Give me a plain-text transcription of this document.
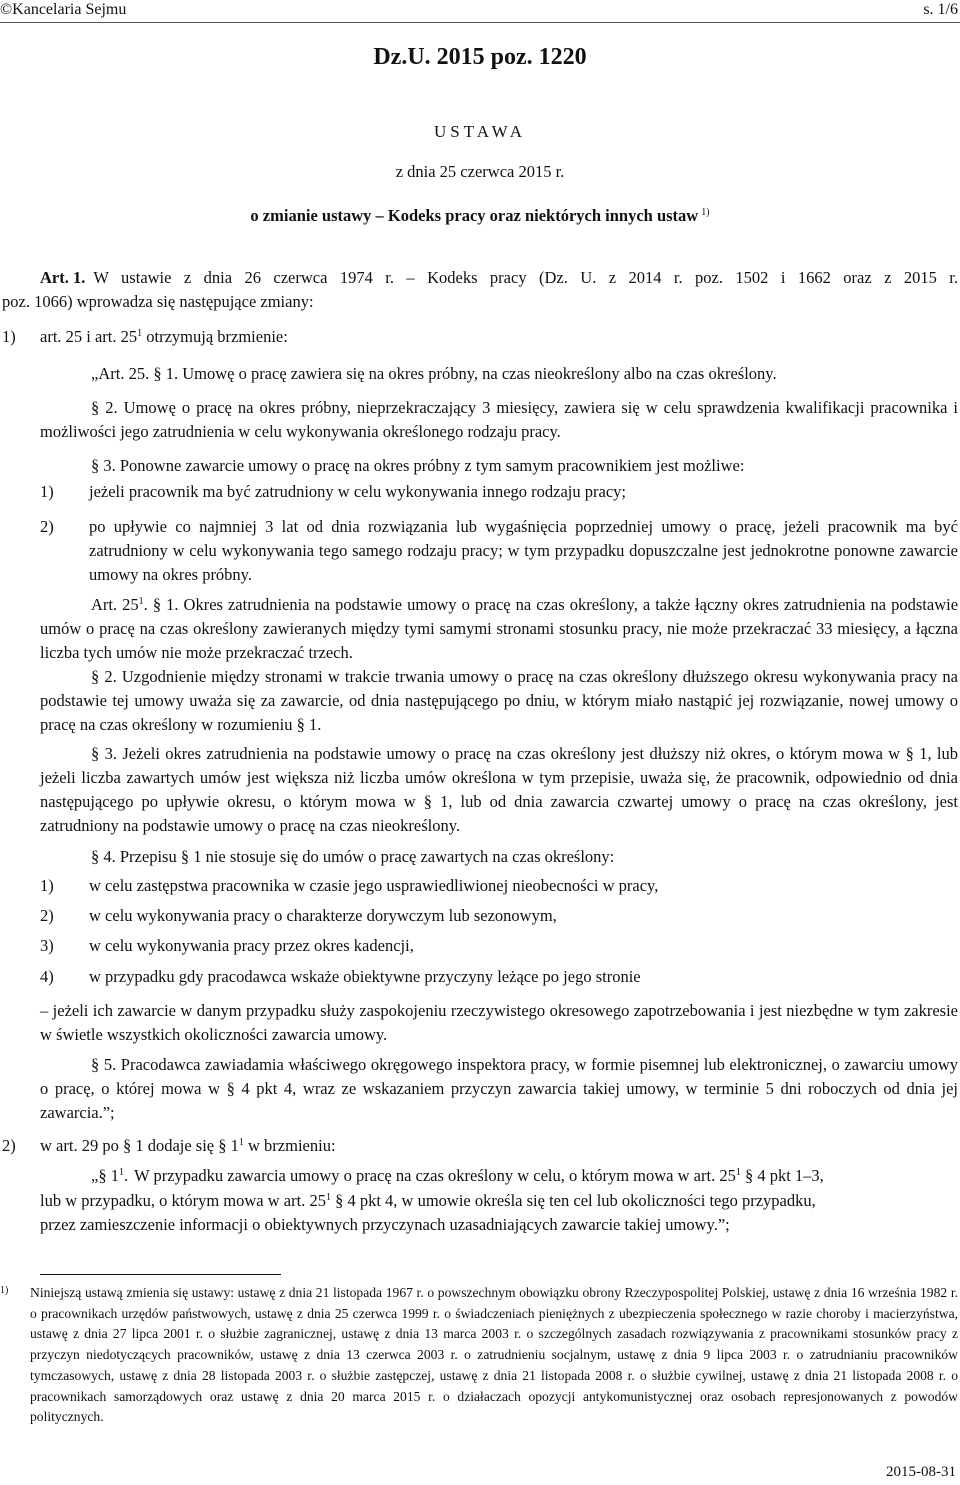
©Kancelaria Sejmu	s. 1/6
Dz.U. 2015 poz. 1220
USTAWA
z dnia 25 czerwca 2015 r.
o zmianie ustawy – Kodeks pracy oraz niektórych innych ustaw $^{1)}$
Art. 1. W ustawie z dnia 26 czerwca 1974 r. – Kodeks pracy (Dz. U. z 2014 r. poz. 1502 i 1662 oraz z 2015 r.
poz. 1066) wprowadza się następujące zmiany:
1) art. 25 i art. $25^1$ otrzymują brzmienie:
„Art. 25. § 1. Umowę o pracę zawiera się na okres próbny, na czas nieokreślony albo na czas określony.
§ 2. Umowę o pracę na okres próbny, nieprzekraczający 3 miesięcy, zawiera się w celu sprawdzenia kwalifikacji pracownika i możliwości jego zatrudnienia w celu wykonywania określonego rodzaju pracy.
§ 3. Ponowne zawarcie umowy o pracę na okres próbny z tym samym pracownikiem jest możliwe:
1) jeżeli pracownik ma być zatrudniony w celu wykonywania innego rodzaju pracy;
2) po upływie co najmniej 3 lat od dnia rozwiązania lub wygaśnięcia poprzedniej umowy o pracę, jeżeli pracownik ma być zatrudniony w celu wykonywania tego samego rodzaju pracy; w tym przypadku dopuszczalne jest jednokrotne ponowne zawarcie umowy na okres próbny.
Art. $25^1$. § 1. Okres zatrudnienia na podstawie umowy o pracę na czas określony, a także łączny okres zatrudnienia na podstawie umów o pracę na czas określony zawieranych między tymi samymi stronami stosunku pracy, nie może przekraczać 33 miesięcy, a łączna liczba tych umów nie może przekraczać trzech.
§ 2. Uzgodnienie między stronami w trakcie trwania umowy o pracę na czas określony dłuższego okresu wykonywania pracy na podstawie tej umowy uważa się za zawarcie, od dnia następującego po dniu, w którym miało nastąpić jej rozwiązanie, nowej umowy o pracę na czas określony w rozumieniu § 1.
§ 3. Jeżeli okres zatrudnienia na podstawie umowy o pracę na czas określony jest dłuższy niż okres, o którym mowa w § 1, lub jeżeli liczba zawartych umów jest większa niż liczba umów określona w tym przepisie, uważa się, że pracownik, odpowiednio od dnia następującego po upływie okresu, o którym mowa w § 1, lub od dnia zawarcia czwartej umowy o pracę na czas określony, jest zatrudniony na podstawie umowy o pracę na czas nieokreślony.
§ 4. Przepisu § 1 nie stosuje się do umów o pracę zawartych na czas określony:
1) w celu zastępstwa pracownika w czasie jego usprawiedliwionej nieobecności w pracy,
2) w celu wykonywania pracy o charakterze dorywczym lub sezonowym,
3) w celu wykonywania pracy przez okres kadencji,
4) w przypadku gdy pracodawca wskaże obiektywne przyczyny leżące po jego stronie
– jeżeli ich zawarcie w danym przypadku służy zaspokojeniu rzeczywistego okresowego zapotrzebowania i jest niezbędne w tym zakresie w świetle wszystkich okoliczności zawarcia umowy.
§ 5. Pracodawca zawiadamia właściwego okręgowego inspektora pracy, w formie pisemnej lub elektronicznej, o zawarciu umowy o pracę, o której mowa w § 4 pkt 4, wraz ze wskazaniem przyczyn zawarcia takiej umowy, w terminie 5 dni roboczych od dnia jej zawarcia.”;
2) w art. 29 po § 1 dodaje się § $1^1$ w brzmieniu:
„§ $1^1$. W przypadku zawarcia umowy o pracę na czas określony w celu, o którym mowa w art. $25^1$ § 4 pkt 1–3,
lub w przypadku, o którym mowa w art. $25^1$ § 4 pkt 4, w umowie określa się ten cel lub okoliczności tego przypadku,
przez zamieszczenie informacji o obiektywnych przyczynach uzasadniających zawarcie takiej umowy.”;
$^{1)}$ Niniejszą ustawą zmienia się ustawy: ustawę z dnia 21 listopada 1967 r. o powszechnym obowiązku obrony Rzeczypospolitej Polskiej, ustawę z dnia 16 września 1982 r. o pracownikach urzędów państwowych, ustawę z dnia 25 czerwca 1999 r. o świadczeniach pieniężnych z ubezpieczenia społecznego w razie choroby i macierzyństwa, ustawę z dnia 27 lipca 2001 r. o służbie zagranicznej, ustawę z dnia 13 marca 2003 r. o szczególnych zasadach rozwiązywania z pracownikami stosunków pracy z przyczyn niedotyczących pracowników, ustawę z dnia 13 czerwca 2003 r. o zatrudnieniu socjalnym, ustawę z dnia 9 lipca 2003 r. o zatrudnianiu pracowników tymczasowych, ustawę z dnia 28 listopada 2003 r. o służbie zastępczej, ustawę z dnia 21 listopada 2008 r. o służbie cywilnej, ustawę z dnia 21 listopada 2008 r. o pracownikach samorządowych oraz ustawę z dnia 20 marca 2015 r. o działaczach opozycji antykomunistycznej oraz osobach represjonowanych z powodów politycznych.
2015-08-31
